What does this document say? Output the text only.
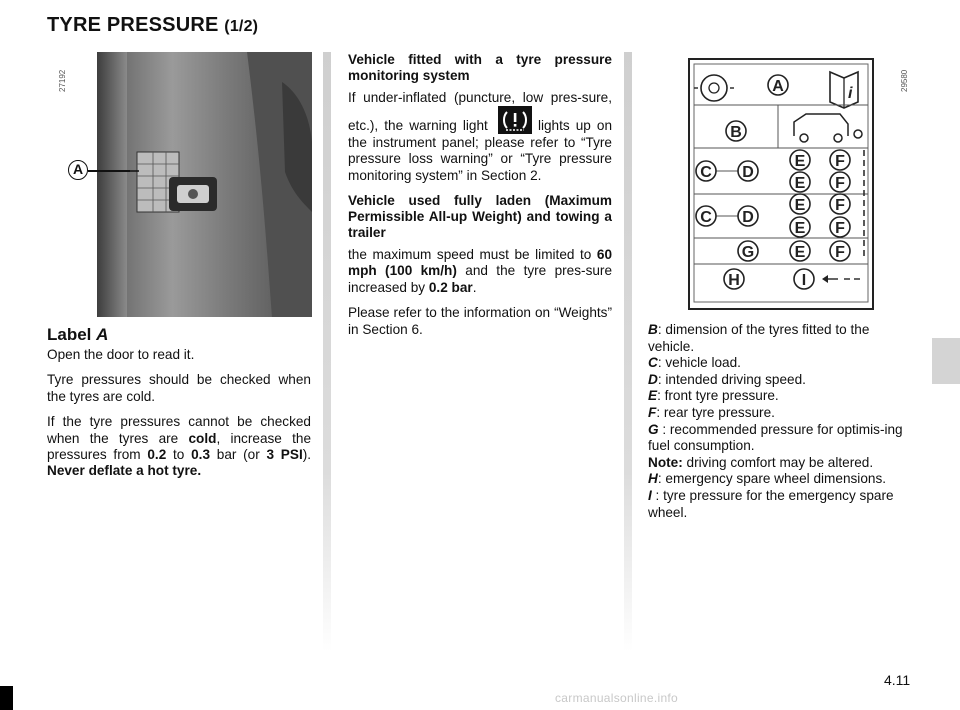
TYRE PRESSURE (1/2)
27192	29580
A
Label A

Open the door to read it.

Tyre pressures should be checked when the tyres are cold.

If the tyre pressures cannot be checked when the tyres are cold, increase the pressures from 0.2 to 0.3 bar (or 3 PSI). Never deflate a hot tyre.

Vehicle fitted with a tyre pressure monitoring system

If under-inflated (puncture, low pres-sure, etc.), the warning light	lights up on the instrument panel; please refer to “Tyre pressure loss warning” or “Tyre pressure monitoring system” in Section 2.

Vehicle used fully laden (Maximum Permissible All-up Weight) and towing a trailer

the maximum speed must be limited to 60 mph (100 km/h) and the tyre pres-sure increased by 0.2 bar.

Please refer to the information on “Weights” in Section 6.

i
A
B
C D
C D
E F
E F
E F
E F
G	E F
H	I
B: dimension of the tyres fitted to the vehicle.
C: vehicle load.
D: intended driving speed.
E: front tyre pressure.
F: rear tyre pressure.
G : recommended pressure for optimis-ing fuel consumption.
Note: driving comfort may be altered.
H: emergency spare wheel dimensions.
I : tyre pressure for the emergency spare wheel.
4.11
carmanualsonline.info
